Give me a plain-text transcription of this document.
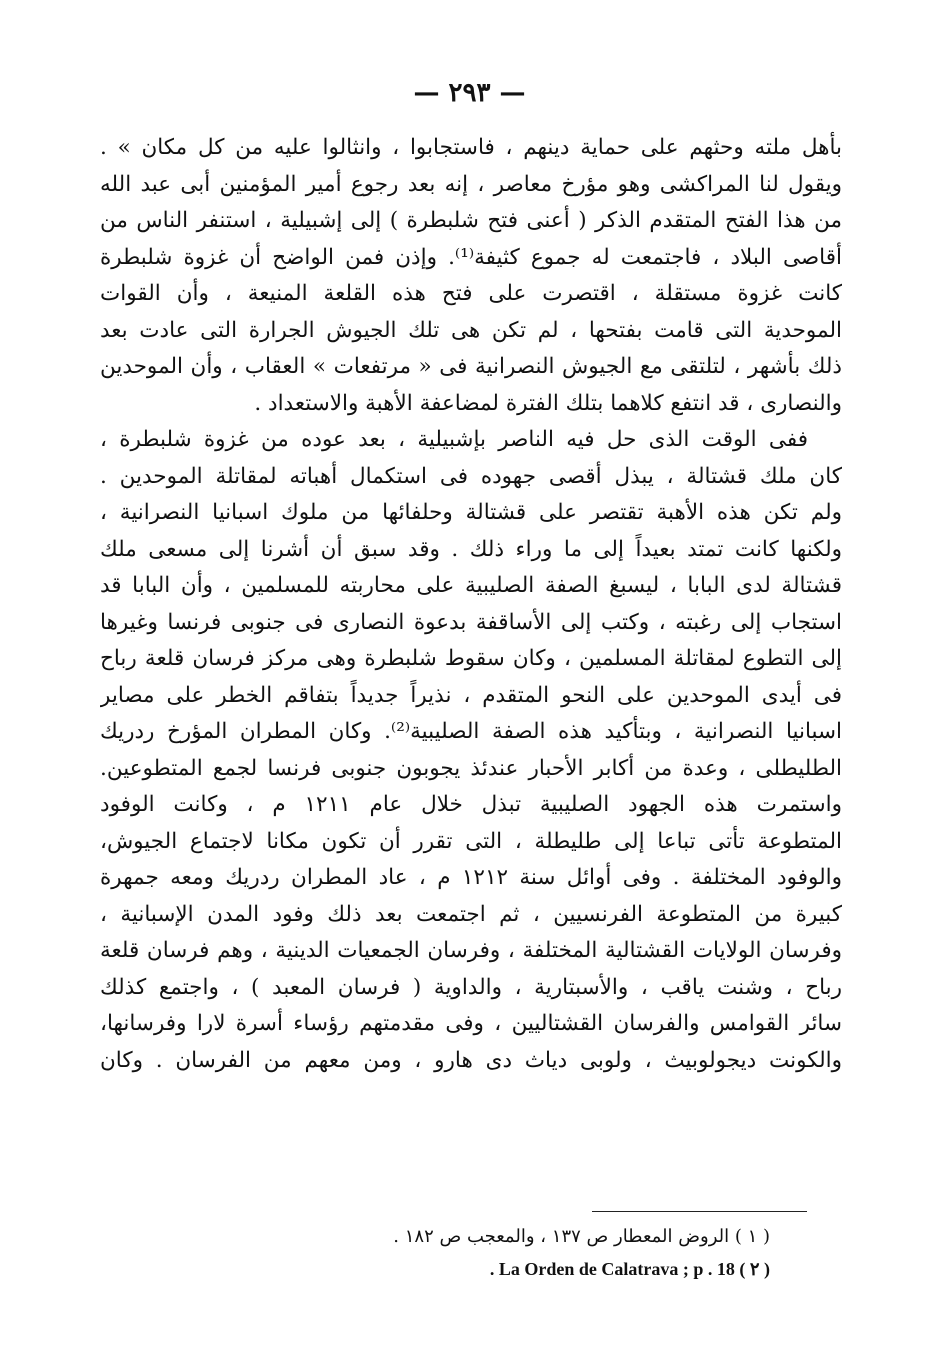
— ٢٩٣ —
بأهل ملته وحثهم على حماية دينهم ، فاستجابوا ، وانثالوا عليه من كل مكان » .
ويقول لنا المراكشى وهو مؤرخ معاصر ، إنه بعد رجوع أمير المؤمنين أبى عبد الله
من هذا الفتح المتقدم الذكر ( أعنى فتح شلبطرة ) إلى إشبيلية ، استنفر الناس من
أقاصى البلاد ، فاجتمعت له جموع كثيفة⁽¹⁾. وإذن فمن الواضح أن غزوة شلبطرة
كانت غزوة مستقلة ، اقتصرت على فتح هذه القلعة المنيعة ، وأن القوات
الموحدية التى قامت بفتحها ، لم تكن هى تلك الجيوش الجرارة التى عادت بعد
ذلك بأشهر ، لتلتقى مع الجيوش النصرانية فى « مرتفعات » العقاب ، وأن الموحدين
والنصارى ، قد انتفع كلاهما بتلك الفترة لمضاعفة الأهبة والاستعداد .
ففى الوقت الذى حل فيه الناصر بإشبيلية ، بعد عوده من غزوة شلبطرة ،
كان ملك قشتالة ، يبذل أقصى جهوده فى استكمال أهباته لمقاتلة الموحدين .
ولم تكن هذه الأهبة تقتصر على قشتالة وحلفائها من ملوك اسبانيا النصرانية ،
ولكنها كانت تمتد بعيداً إلى ما وراء ذلك . وقد سبق أن أشرنا إلى مسعى ملك
قشتالة لدى البابا ، ليسبغ الصفة الصليبية على محاربته للمسلمين ، وأن البابا قد
استجاب إلى رغبته ، وكتب إلى الأساقفة بدعوة النصارى فى جنوبى فرنسا وغيرها
إلى التطوع لمقاتلة المسلمين ، وكان سقوط شلبطرة وهى مركز فرسان قلعة رباح
فى أيدى الموحدين على النحو المتقدم ، نذيراً جديداً بتفاقم الخطر على مصاير
اسبانيا النصرانية ، وبتأكيد هذه الصفة الصليبية⁽²⁾. وكان المطران المؤرخ ردريك
الطليطلى ، وعدة من أكابر الأحبار عندئذ يجوبون جنوبى فرنسا لجمع المتطوعين.
واستمرت هذه الجهود الصليبية تبذل خلال عام ١٢١١ م ، وكانت الوفود
المتطوعة تأتى تباعا إلى طليطلة ، التى تقرر أن تكون مكانا لاجتماع الجيوش،
والوفود المختلفة . وفى أوائل سنة ١٢١٢ م ، عاد المطران ردريك ومعه جمهرة
كبيرة من المتطوعة الفرنسيين ، ثم اجتمعت بعد ذلك وفود المدن الإسبانية ،
وفرسان الولايات القشتالية المختلفة ، وفرسان الجمعيات الدينية ، وهم فرسان قلعة
رباح ، وشنت ياقب ، والأسبتارية ، والداوية ( فرسان المعبد ) ، واجتمع كذلك
سائر القوامس والفرسان القشتاليين ، وفى مقدمتهم رؤساء أسرة لارا وفرسانها،
والكونت ديجولوبيث ، ولوبى دياث دى هارو ، ومن معهم من الفرسان . وكان
( ١ ) الروض المعطار ص ١٣٧ ، والمعجب ص ١٨٢ .
( ٢ ) La Orden de Calatrava ; p . 18 .
